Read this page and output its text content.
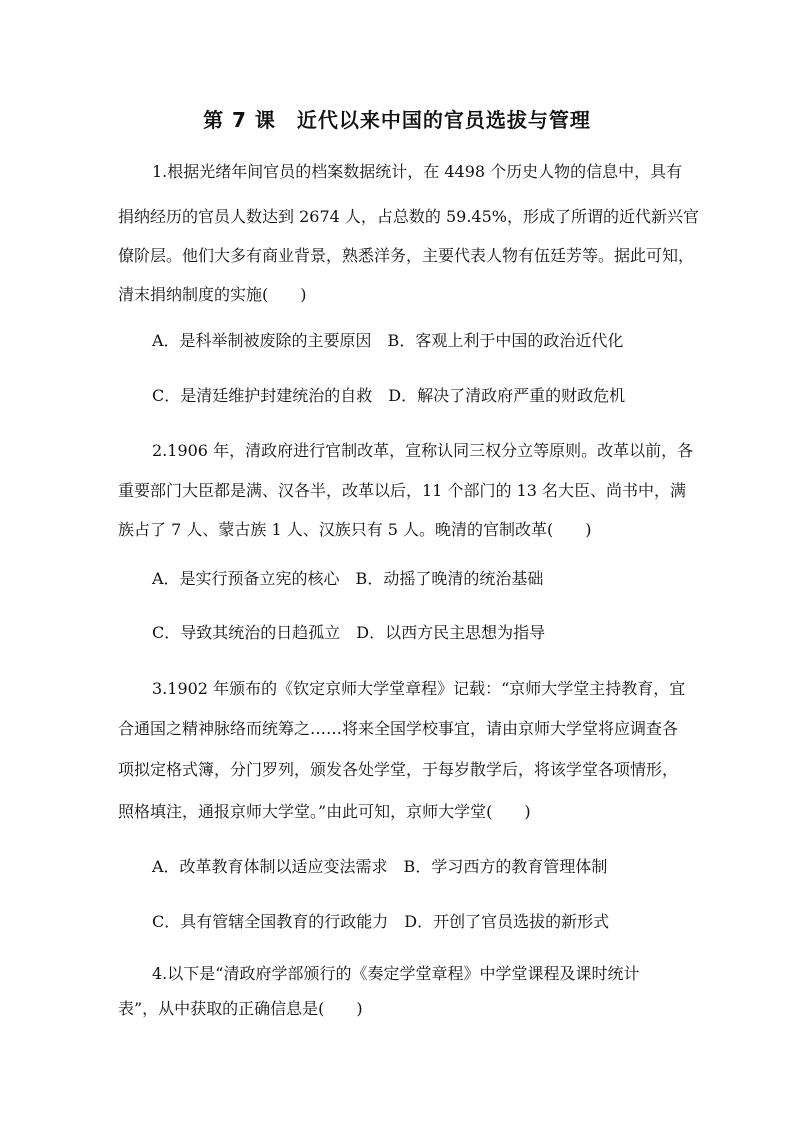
第 7 课　近代以来中国的官员选拔与管理
1.根据光绪年间官员的档案数据统计，在 4498 个历史人物的信息中，具有
捐纳经历的官员人数达到 2674 人，占总数的 59.45%，形成了所谓的近代新兴官
僚阶层。他们大多有商业背景，熟悉洋务，主要代表人物有伍廷芳等。据此可知，
清末捐纳制度的实施(　　)
A．是科举制被废除的主要原因　B．客观上利于中国的政治近代化
C．是清廷维护封建统治的自救　D．解决了清政府严重的财政危机
2.1906 年，清政府进行官制改革，宣称认同三权分立等原则。改革以前，各
重要部门大臣都是满、汉各半，改革以后，11 个部门的 13 名大臣、尚书中，满
族占了 7 人、蒙古族 1 人、汉族只有 5 人。晚清的官制改革(　　)
A．是实行预备立宪的核心　B．动摇了晚清的统治基础
C．导致其统治的日趋孤立　D．以西方民主思想为指导
3.1902 年颁布的《钦定京师大学堂章程》记载：“京师大学堂主持教育，宜
合通国之精神脉络而统筹之……将来全国学校事宜，请由京师大学堂将应调查各
项拟定格式簿，分门罗列，颁发各处学堂，于每岁散学后，将该学堂各项情形，
照格填注，通报京师大学堂。”由此可知，京师大学堂(　　)
A．改革教育体制以适应变法需求　B．学习西方的教育管理体制
C．具有管辖全国教育的行政能力　D．开创了官员选拔的新形式
4.以下是“清政府学部颁行的《奏定学堂章程》中学堂课程及课时统计
表”，从中获取的正确信息是(　　)
